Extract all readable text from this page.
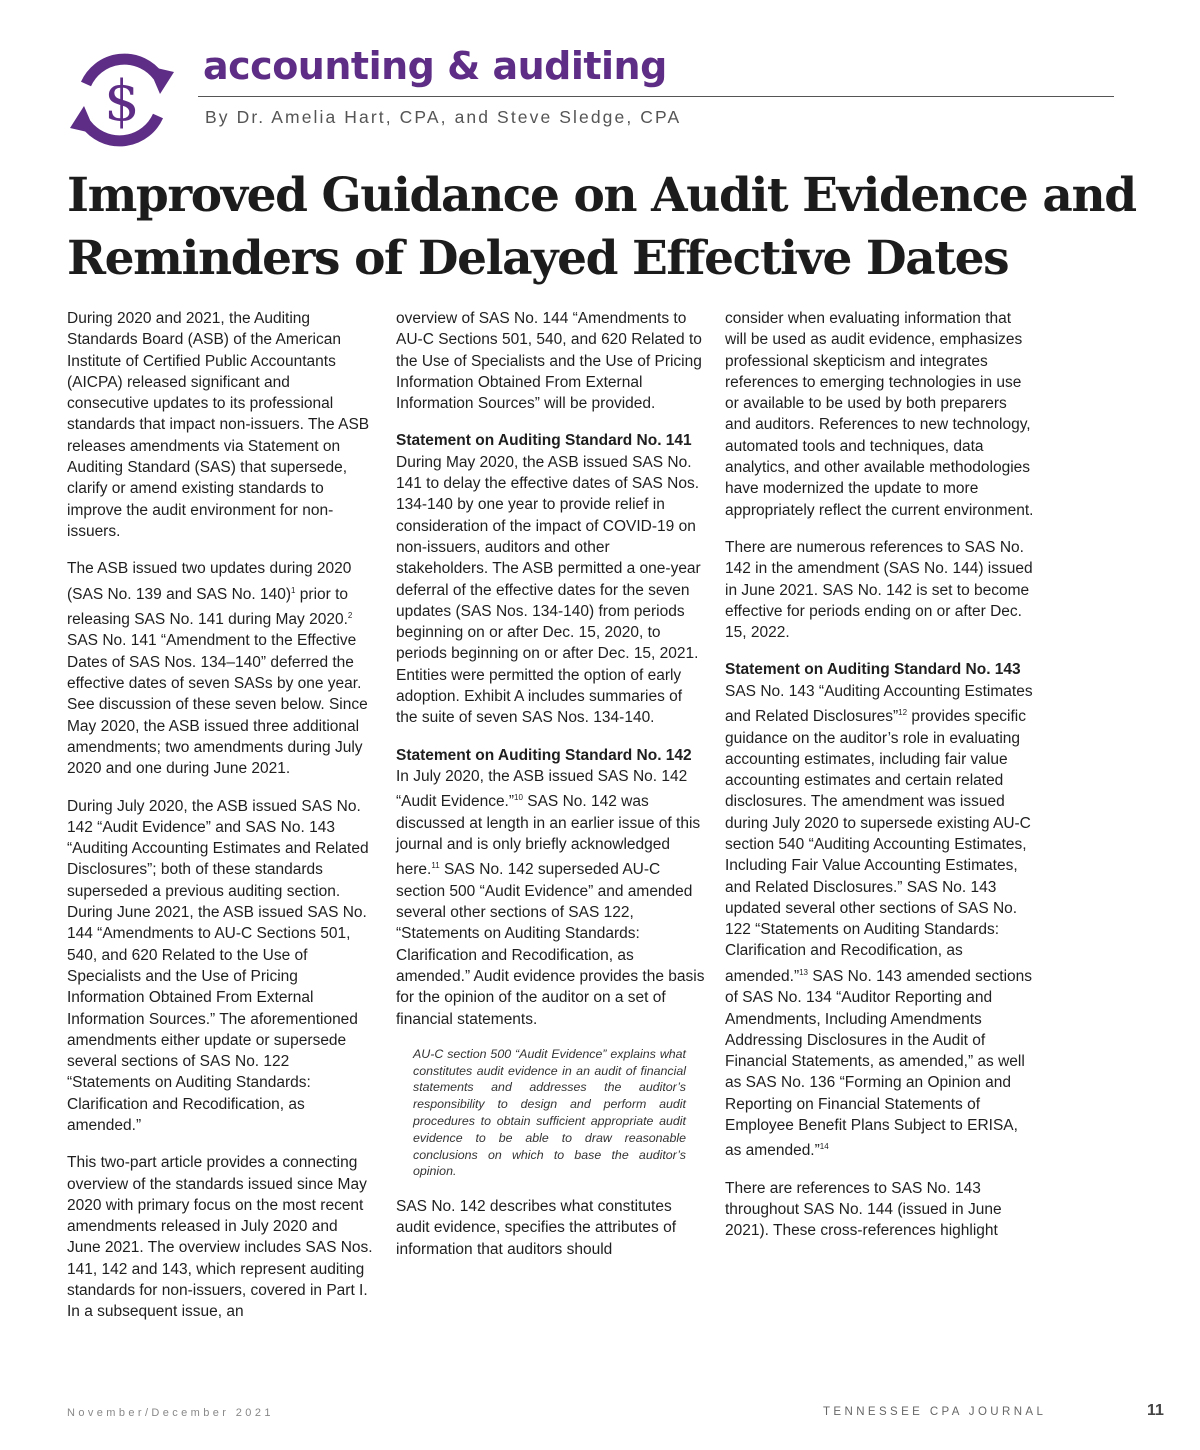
$
accounting & auditing
By Dr. Amelia Hart, CPA, and Steve Sledge, CPA
Improved Guidance on Audit Evidence and
Reminders of Delayed Effective Dates

During 2020 and 2021, the Auditing Standards Board (ASB) of the American Institute of Certified Public Accountants (AICPA) released significant and consecutive updates to its professional standards that impact non-issuers. The ASB releases amendments via Statement on Auditing Standard (SAS) that supersede, clarify or amend existing standards to improve the audit environment for non-issuers.

The ASB issued two updates during 2020 (SAS No. 139 and SAS No. 140)$^1$ prior to releasing SAS No. 141 during May 2020.$^2$ SAS No. 141 “Amendment to the Effective Dates of SAS Nos. 134–140” deferred the effective dates of seven SASs by one year. See discussion of these seven below. Since May 2020, the ASB issued three additional amendments; two amendments during July 2020 and one during June 2021.

During July 2020, the ASB issued SAS No. 142 “Audit Evidence” and SAS No. 143 “Auditing Accounting Estimates and Related Disclosures”; both of these standards superseded a previous auditing section. During June 2021, the ASB issued SAS No. 144 “Amendments to AU-C Sections 501, 540, and 620 Related to the Use of Specialists and the Use of Pricing Information Obtained From External Information Sources.” The aforementioned amendments either update or supersede several sections of SAS No. 122 “Statements on Auditing Standards: Clarification and Recodification, as amended.”

This two-part article provides a connecting overview of the standards issued since May 2020 with primary focus on the most recent amendments released in July 2020 and June 2021. The overview includes SAS Nos. 141, 142 and 143, which represent auditing standards for non-issuers, covered in Part I. In a subsequent issue, an

overview of SAS No. 144 “Amendments to AU-C Sections 501, 540, and 620 Related to the Use of Specialists and the Use of Pricing Information Obtained From External Information Sources” will be provided.

Statement on Auditing Standard No. 141

During May 2020, the ASB issued SAS No. 141 to delay the effective dates of SAS Nos. 134-140 by one year to provide relief in consideration of the impact of COVID-19 on non-issuers, auditors and other stakeholders. The ASB permitted a one-year deferral of the effective dates for the seven updates (SAS Nos. 134-140) from periods beginning on or after Dec. 15, 2020, to periods beginning on or after Dec. 15, 2021. Entities were permitted the option of early adoption. Exhibit A includes summaries of the suite of seven SAS Nos. 134-140.

Statement on Auditing Standard No. 142

In July 2020, the ASB issued SAS No. 142 “Audit Evidence.”$^{10}$ SAS No. 142 was discussed at length in an earlier issue of this journal and is only briefly acknowledged here.$^{11}$ SAS No. 142 superseded AU-C section 500 “Audit Evidence” and amended several other sections of SAS 122, “Statements on Auditing Standards: Clarification and Recodification, as amended.” Audit evidence provides the basis for the opinion of the auditor on a set of financial statements.

AU-C section 500 “Audit Evidence” explains what constitutes audit evidence in an audit of financial statements and addresses the auditor’s responsibility to design and perform audit procedures to obtain sufficient appropriate audit evidence to be able to draw reasonable conclusions on which to base the auditor’s opinion.

SAS No. 142 describes what constitutes audit evidence, specifies the attributes of information that auditors should

consider when evaluating information that will be used as audit evidence, emphasizes professional skepticism and integrates references to emerging technologies in use or available to be used by both preparers and auditors. References to new technology, automated tools and techniques, data analytics, and other available methodologies have modernized the update to more appropriately reflect the current environment.

There are numerous references to SAS No. 142 in the amendment (SAS No. 144) issued in June 2021. SAS No. 142 is set to become effective for periods ending on or after Dec. 15, 2022.

Statement on Auditing Standard No. 143

SAS No. 143 “Auditing Accounting Estimates and Related Disclosures”$^{12}$ provides specific guidance on the auditor’s role in evaluating accounting estimates, including fair value accounting estimates and certain related disclosures. The amendment was issued during July 2020 to supersede existing AU-C section 540 “Auditing Accounting Estimates, Including Fair Value Accounting Estimates, and Related Disclosures.” SAS No. 143 updated several other sections of SAS No. 122 “Statements on Auditing Standards: Clarification and Recodification, as amended.”$^{13}$ SAS No. 143 amended sections of SAS No. 134 “Auditor Reporting and Amendments, Including Amendments Addressing Disclosures in the Audit of Financial Statements, as amended,” as well as SAS No. 136 “Forming an Opinion and Reporting on Financial Statements of Employee Benefit Plans Subject to ERISA, as amended.”$^{14}$

There are references to SAS No. 143 throughout SAS No. 144 (issued in June 2021). These cross-references highlight

November/December 2021	TENNESSEE CPA JOURNAL	11
